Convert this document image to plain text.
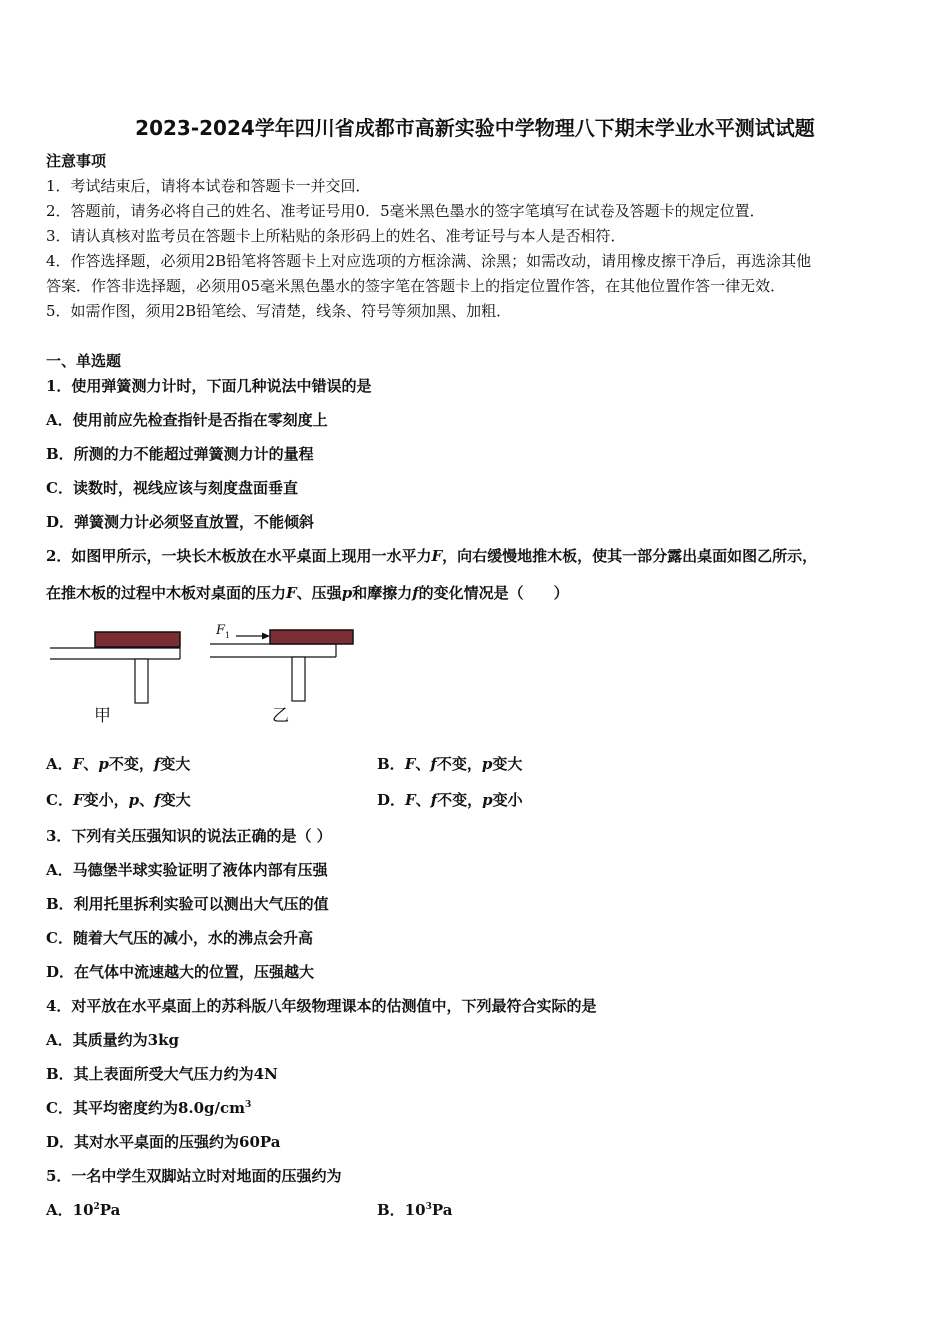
2023-2024学年四川省成都市高新实验中学物理八下期末学业水平测试试题
注意事项
1．考试结束后，请将本试卷和答题卡一并交回．
2．答题前，请务必将自己的姓名、准考证号用0．5毫米黑色墨水的签字笔填写在试卷及答题卡的规定位置．
3．请认真核对监考员在答题卡上所粘贴的条形码上的姓名、准考证号与本人是否相符．
4．作答选择题，必须用2B铅笔将答题卡上对应选项的方框涂满、涂黑；如需改动，请用橡皮擦干净后，再选涂其他
答案．作答非选择题，必须用05毫米黑色墨水的签字笔在答题卡上的指定位置作答，在其他位置作答一律无效．
5．如需作图，须用2B铅笔绘、写清楚，线条、符号等须加黑、加粗．
一、单选题
1．使用弹簧测力计时，下面几种说法中错误的是
A．使用前应先检查指针是否指在零刻度上
B．所测的力不能超过弹簧测力计的量程
C．读数时，视线应该与刻度盘面垂直
D．弹簧测力计必须竖直放置，不能倾斜
2．如图甲所示，一块长木板放在水平桌面上现用一水平力F，向右缓慢地推木板，使其一部分露出桌面如图乙所示，
在推木板的过程中木板对桌面的压力F、压强p和摩擦力f的变化情况是（　　）
甲
F 1
乙
A．F、p不变，f变大	B．F、f不变，p变大
C．F变小，p、f变大	D．F、f不变，p变小
3．下列有关压强知识的说法正确的是（ ）
A．马德堡半球实验证明了液体内部有压强
B．利用托里拆利实验可以测出大气压的值
C．随着大气压的减小，水的沸点会升高
D．在气体中流速越大的位置，压强越大
4．对平放在水平桌面上的苏科版八年级物理课本的估测值中，下列最符合实际的是
A．其质量约为3kg
B．其上表面所受大气压力约为4N
C．其平均密度约为$8.0g/cm^3$
D．其对水平桌面的压强约为60Pa
5．一名中学生双脚站立时对地面的压强约为
A．$10^2Pa$	B．$10^3Pa$
